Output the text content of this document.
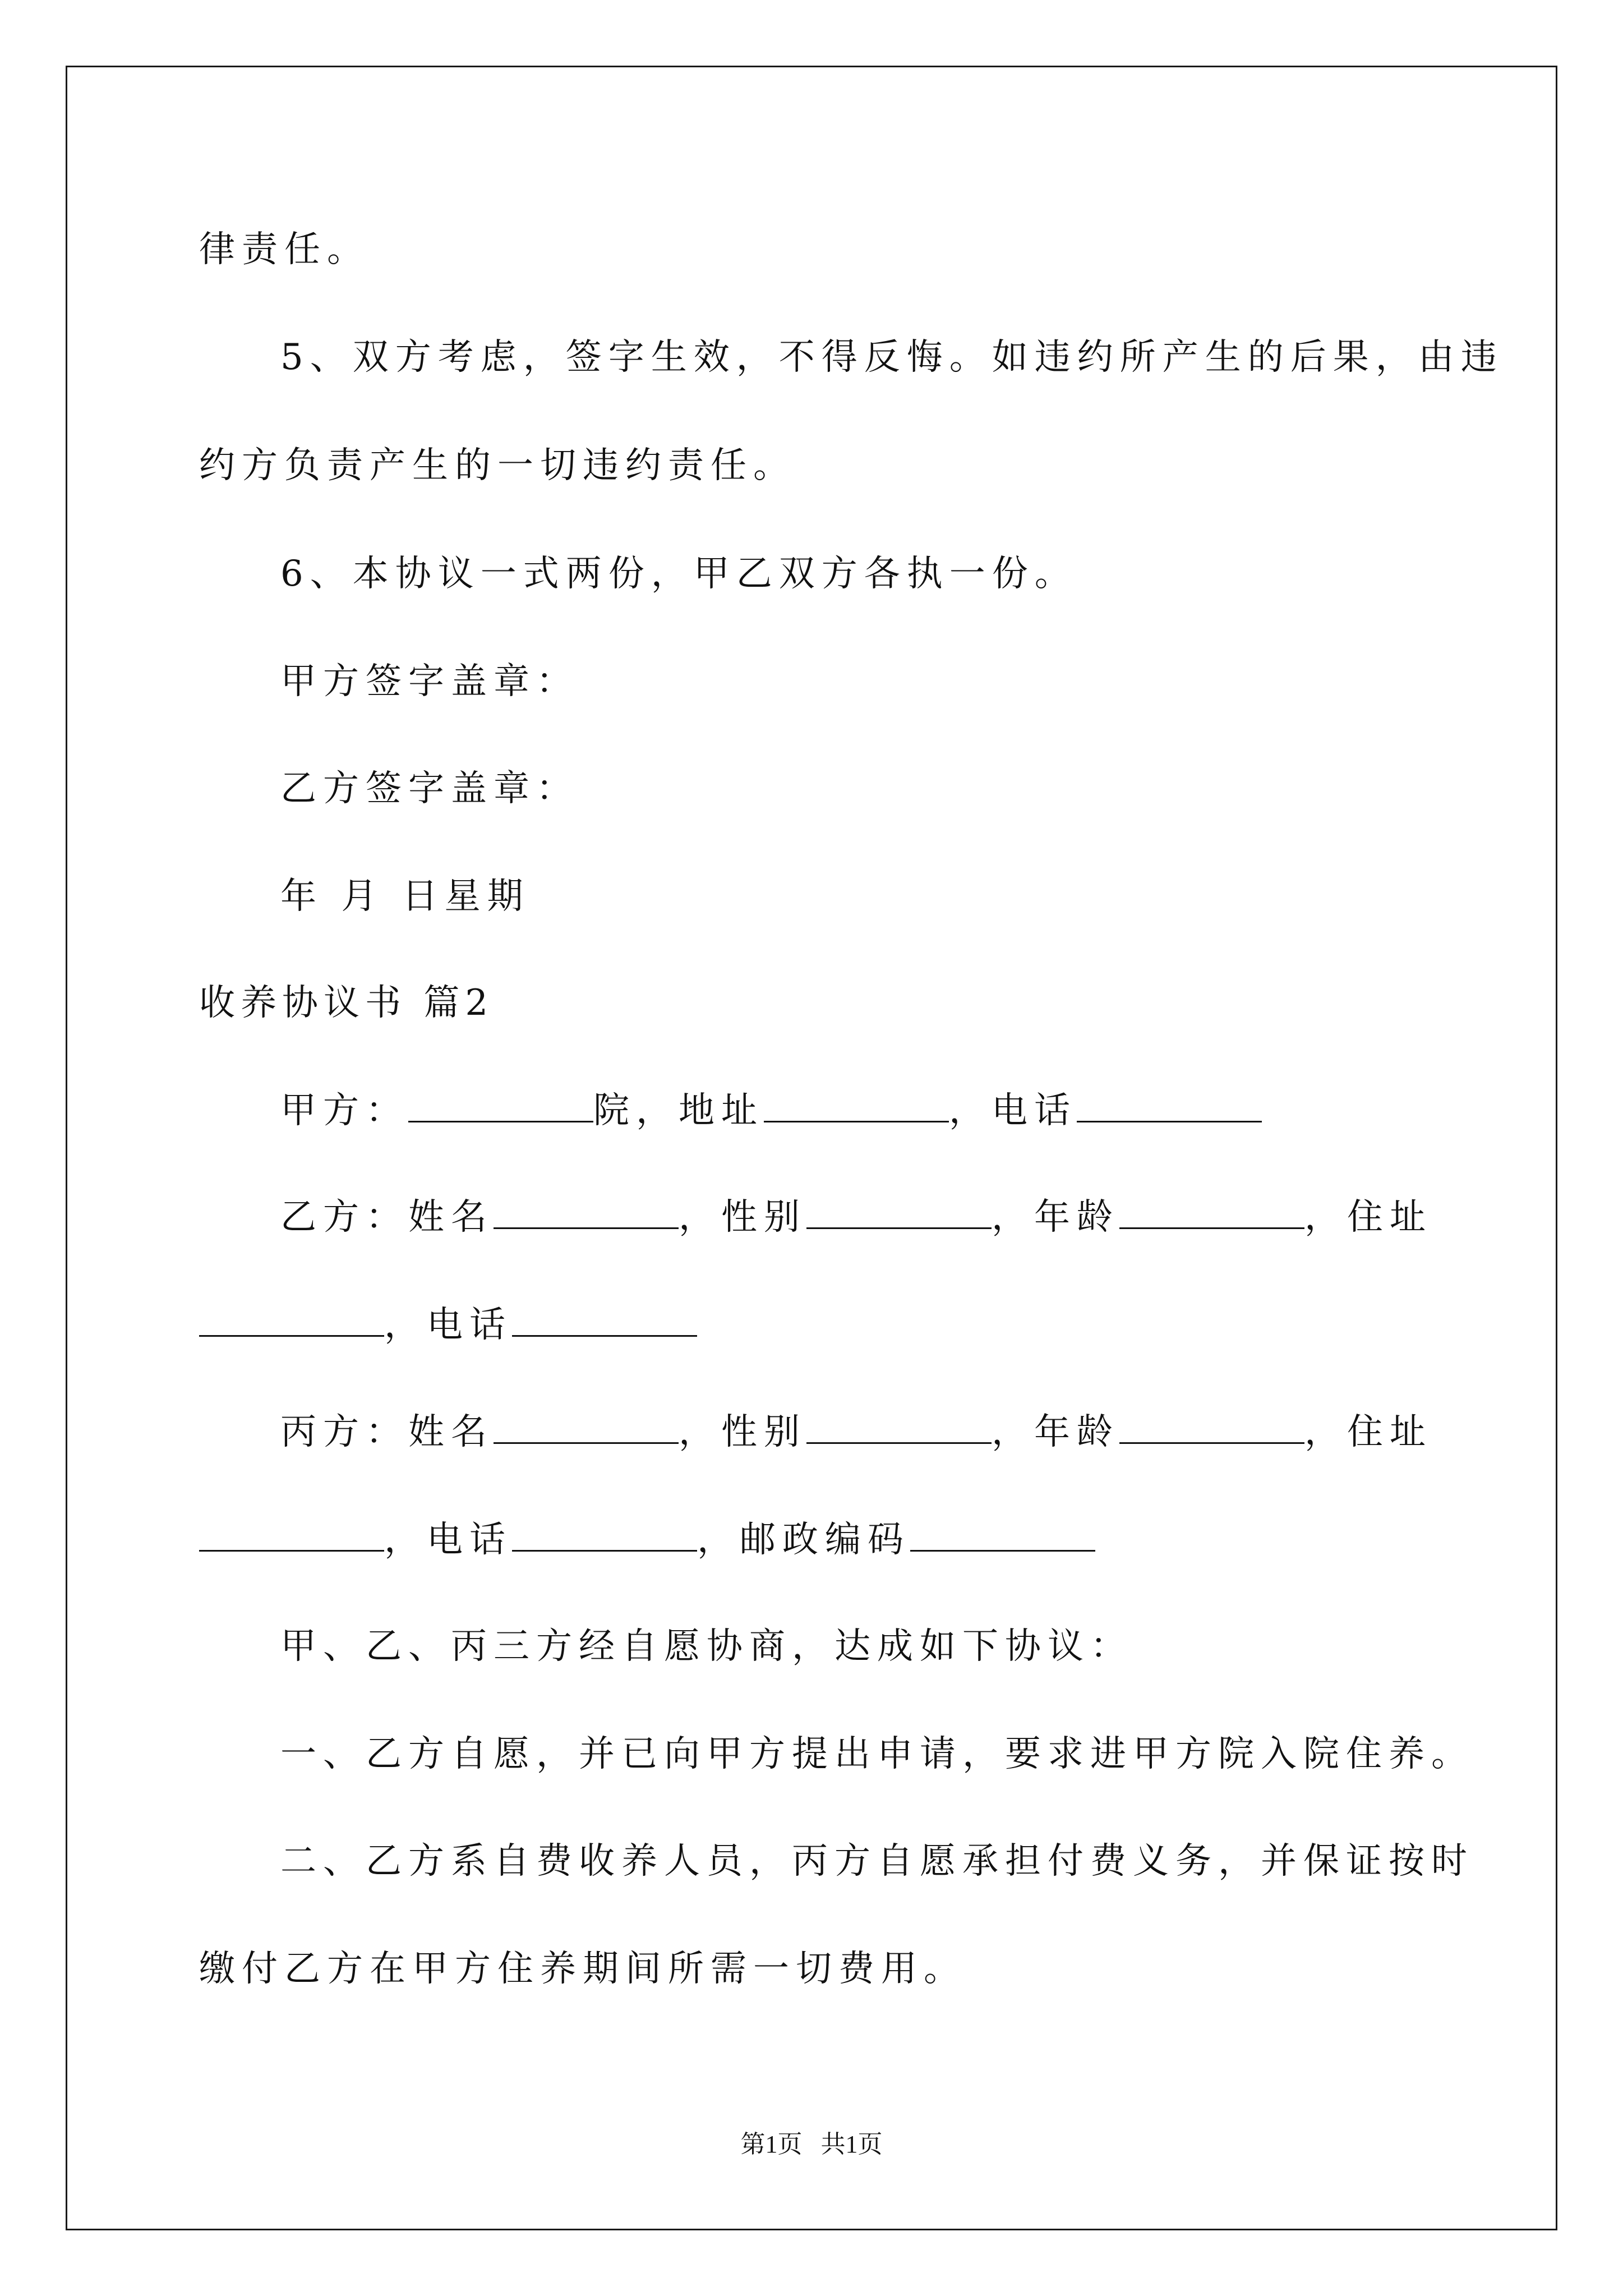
律责任。

5、双方考虑，签字生效，不得反悔。如违约所产生的后果，由违

约方负责产生的一切违约责任。

6、本协议一式两份，甲乙双方各执一份。

甲方签字盖章：

乙方签字盖章：

年 月 日星期

收养协议书 篇2

甲方：	院，地址	，电话

乙方：姓名	，性别	，年龄	，住址

，电话

丙方：姓名	，性别	，年龄	，住址

，电话	，邮政编码

甲、乙、丙三方经自愿协商，达成如下协议：

一、乙方自愿，并已向甲方提出申请，要求进甲方院入院住养。

二、乙方系自费收养人员，丙方自愿承担付费义务，并保证按时

缴付乙方在甲方住养期间所需一切费用。

第1页   共1页
